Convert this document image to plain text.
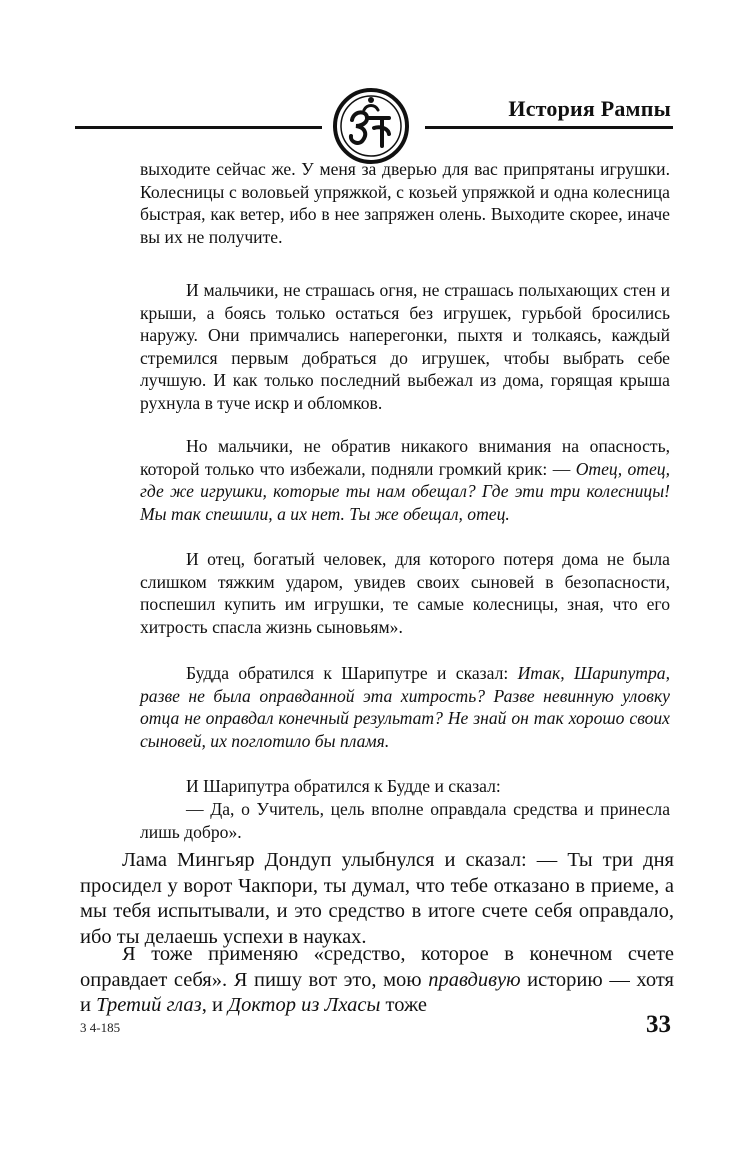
История Рампы

выходите сейчас же. У меня за дверью для вас припрятаны игрушки. Колесницы с воловьей упряжкой, с козьей упряжкой и одна колесница быстрая, как ветер, ибо в нее запряжен олень. Выходите скорее, иначе вы их не получите.

И мальчики, не страшась огня, не страшась полыхающих стен и крыши, а боясь только остаться без игрушек, гурьбой бросились наружу. Они примчались наперегонки, пыхтя и толкаясь, каждый стремился первым добраться до игрушек, чтобы выбрать себе лучшую. И как только последний выбежал из дома, горящая крыша рухнула в туче искр и обломков.

Но мальчики, не обратив никакого внимания на опасность, которой только что избежали, подняли громкий крик: — Отец, отец, где же игрушки, которые ты нам обещал? Где эти три колесницы! Мы так спешили, а их нет. Ты же обещал, отец.

И отец, богатый человек, для которого потеря дома не была слишком тяжким ударом, увидев своих сыновей в безопасности, поспешил купить им игрушки, те самые колесницы, зная, что его хитрость спасла жизнь сыновьям».

Будда обратился к Шарипутре и сказал: Итак, Шарипутра, разве не была оправданной эта хитрость? Разве невинную уловку отца не оправдал конечный результат? Не знай он так хорошо своих сыновей, их поглотило бы пламя.

И Шарипутра обратился к Будде и сказал:

— Да, о Учитель, цель вполне оправдала средства и принесла лишь добро».

Лама Мингьяр Дондуп улыбнулся и сказал: — Ты три дня просидел у ворот Чакпори, ты думал, что тебе отказано в приеме, а мы тебя испытывали, и это средство в итоге счете себя оправдало, ибо ты делаешь успехи в науках.

Я тоже применяю «средство, которое в конечном счете оправдает себя». Я пишу вот это, мою правдивую историю — хотя и Третий глаз, и Доктор из Лхасы тоже

3 4-185	33
